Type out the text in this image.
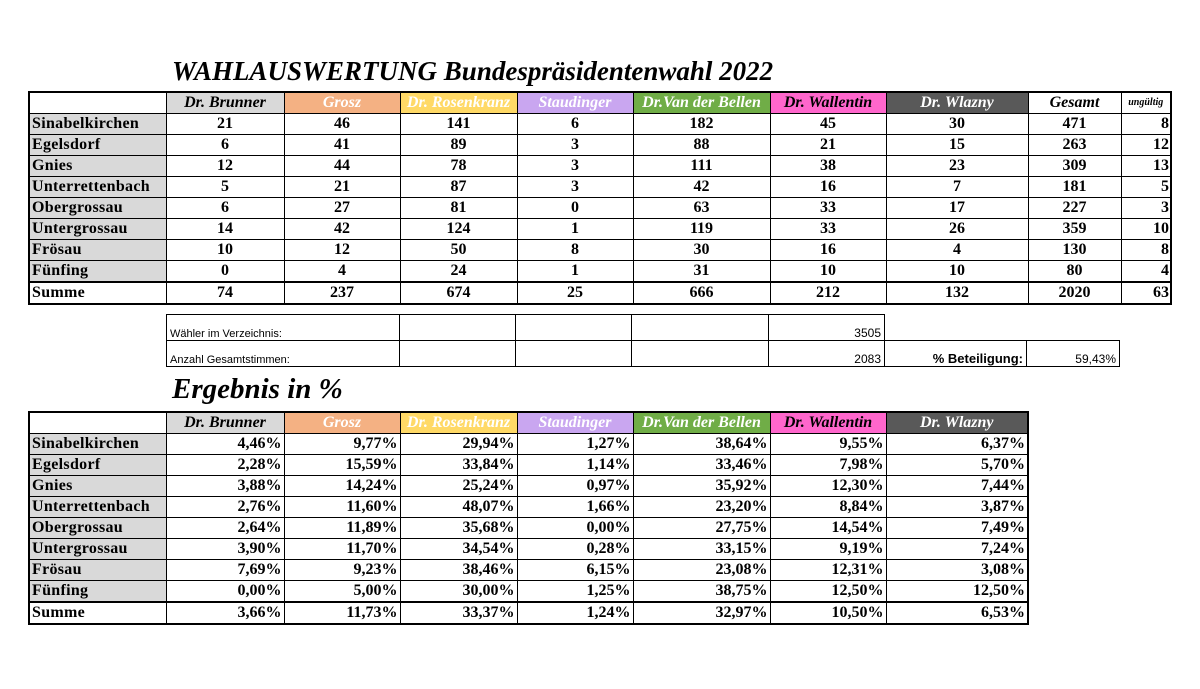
WAHLAUSWERTUNG Bundespräsidentenwahl 2022
	Dr. Brunner	Grosz	Dr. Rosenkranz	Staudinger	Dr.Van der Bellen	Dr. Wallentin	Dr. Wlazny	Gesamt	ungültig
Sinabelkirchen	21	46	141	6	182	45	30	471	8
Egelsdorf	6	41	89	3	88	21	15	263	12
Gnies	12	44	78	3	111	38	23	309	13
Unterrettenbach	5	21	87	3	42	16	7	181	5
Obergrossau	6	27	81	0	63	33	17	227	3
Untergrossau	14	42	124	1	119	33	26	359	10
Frösau	10	12	50	8	30	16	4	130	8
Fünfing	0	4	24	1	31	10	10	80	4
Summe	74	237	674	25	666	212	132	2020	63
Wähler im Verzeichnis:				3505		
Anzahl Gesamtstimmen:				2083	% Beteiligung:	59,43%
Ergebnis in %
	Dr. Brunner	Grosz	Dr. Rosenkranz	Staudinger	Dr.Van der Bellen	Dr. Wallentin	Dr. Wlazny
Sinabelkirchen	4,46%	9,77%	29,94%	1,27%	38,64%	9,55%	6,37%
Egelsdorf	2,28%	15,59%	33,84%	1,14%	33,46%	7,98%	5,70%
Gnies	3,88%	14,24%	25,24%	0,97%	35,92%	12,30%	7,44%
Unterrettenbach	2,76%	11,60%	48,07%	1,66%	23,20%	8,84%	3,87%
Obergrossau	2,64%	11,89%	35,68%	0,00%	27,75%	14,54%	7,49%
Untergrossau	3,90%	11,70%	34,54%	0,28%	33,15%	9,19%	7,24%
Frösau	7,69%	9,23%	38,46%	6,15%	23,08%	12,31%	3,08%
Fünfing	0,00%	5,00%	30,00%	1,25%	38,75%	12,50%	12,50%
Summe	3,66%	11,73%	33,37%	1,24%	32,97%	10,50%	6,53%
